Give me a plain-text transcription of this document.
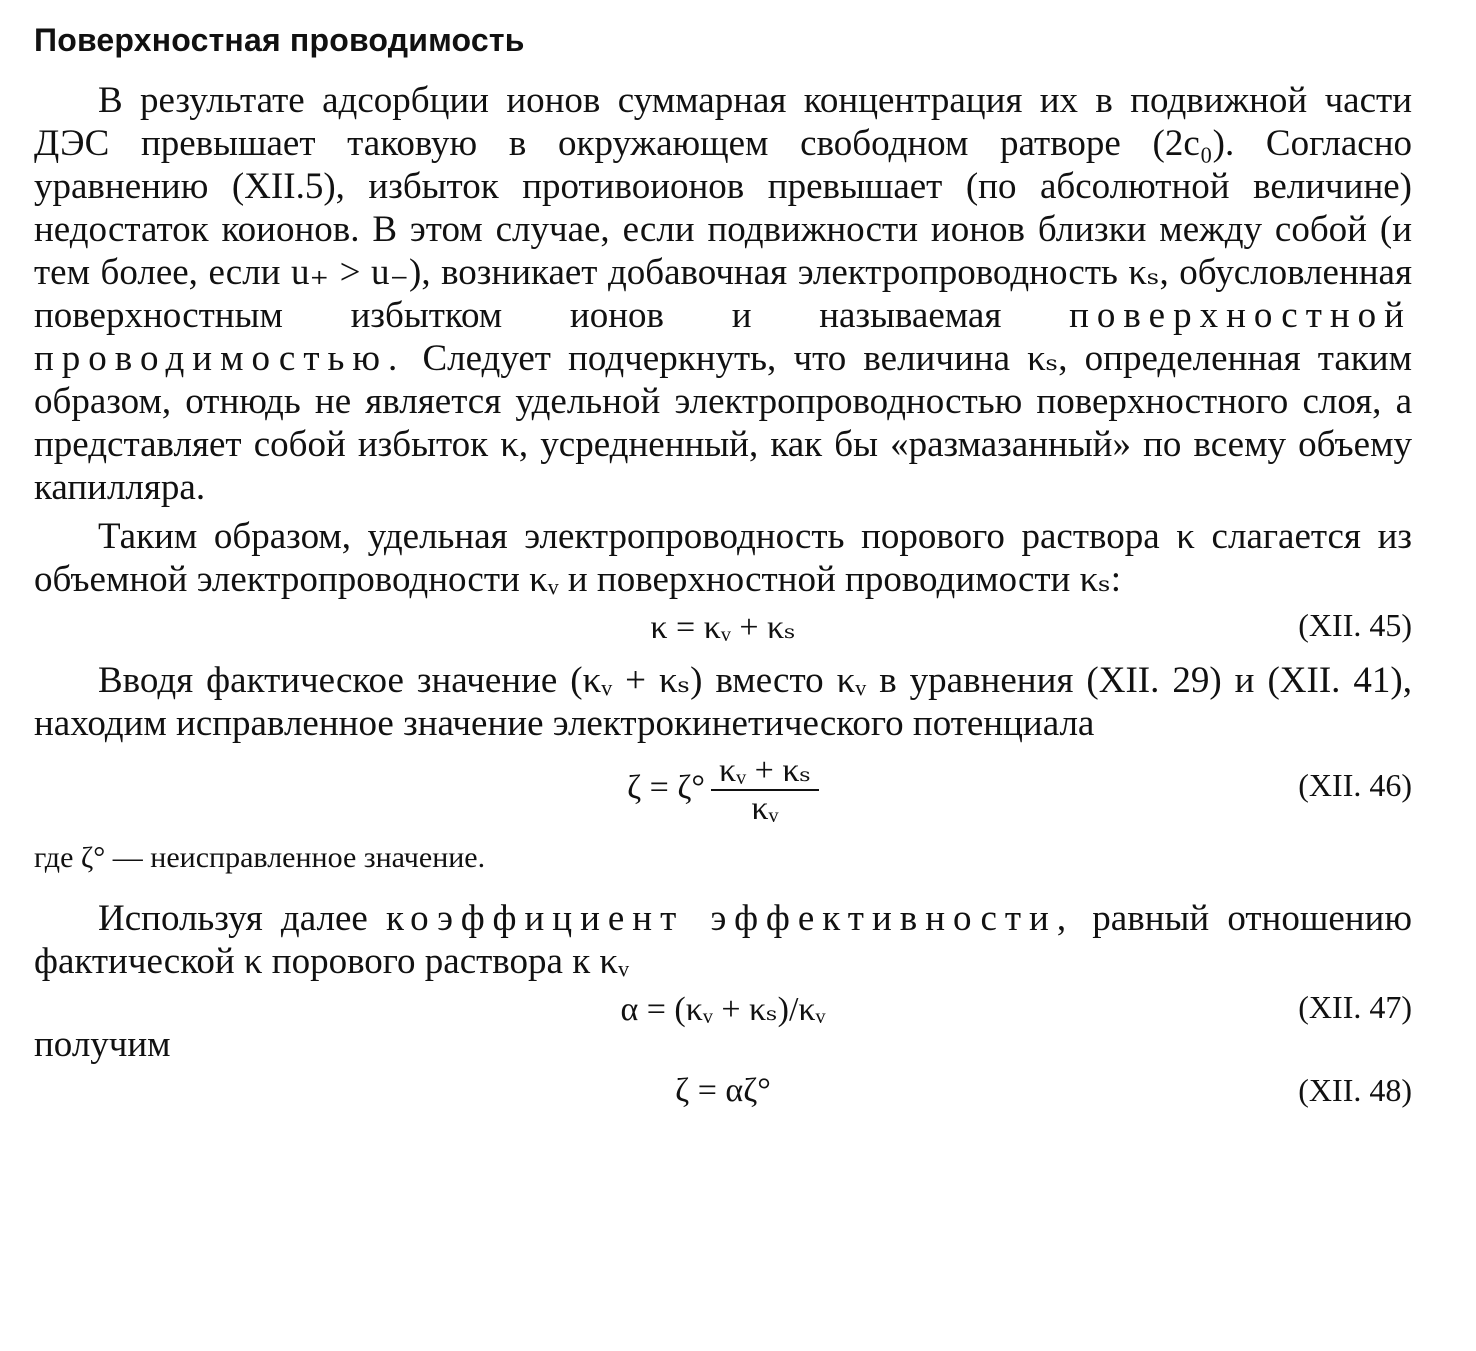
Поверхностная проводимость

В результате адсорбции ионов суммарная концентрация их в подвижной части ДЭС превышает таковую в окружающем свободном ратворе (2c₀). Согласно уравнению (XII.5), избыток противоионов превышает (по абсолютной величине) недостаток коионов. В этом случае, если подвижности ионов близки между собой (и тем более, если u₊ > u₋), возникает добавочная электропроводность κₛ, обусловленная поверхностным избытком ионов и называемая поверхностной проводимостью. Следует подчеркнуть, что величина κₛ, определенная таким образом, отнюдь не является удельной электропроводностью поверхностного слоя, а представляет собой избыток κ, усредненный, как бы «размазанный» по всему объему капилляра.

Таким образом, удельная электропроводность порового раствора κ слагается из объемной электропроводности κᵥ и поверхностной проводимости κₛ:

κ = κᵥ + κₛ	(XII. 45)

Вводя фактическое значение (κᵥ + κₛ) вместо κᵥ в уравнения (XII. 29) и (XII. 41), находим исправленное значение электрокинетического потенциала

$\zeta = \zeta^\circ \frac{\text{κᵥ + κₛ}}{\text{κᵥ}}$	(XII. 46)
где ζ° — неисправленное значение.

Используя далее коэффициент эффективности, равный отношению фактической κ порового раствора к κᵥ

α = (κᵥ + κₛ)/κᵥ	(XII. 47)

получим

ζ = αζ°	(XII. 48)
